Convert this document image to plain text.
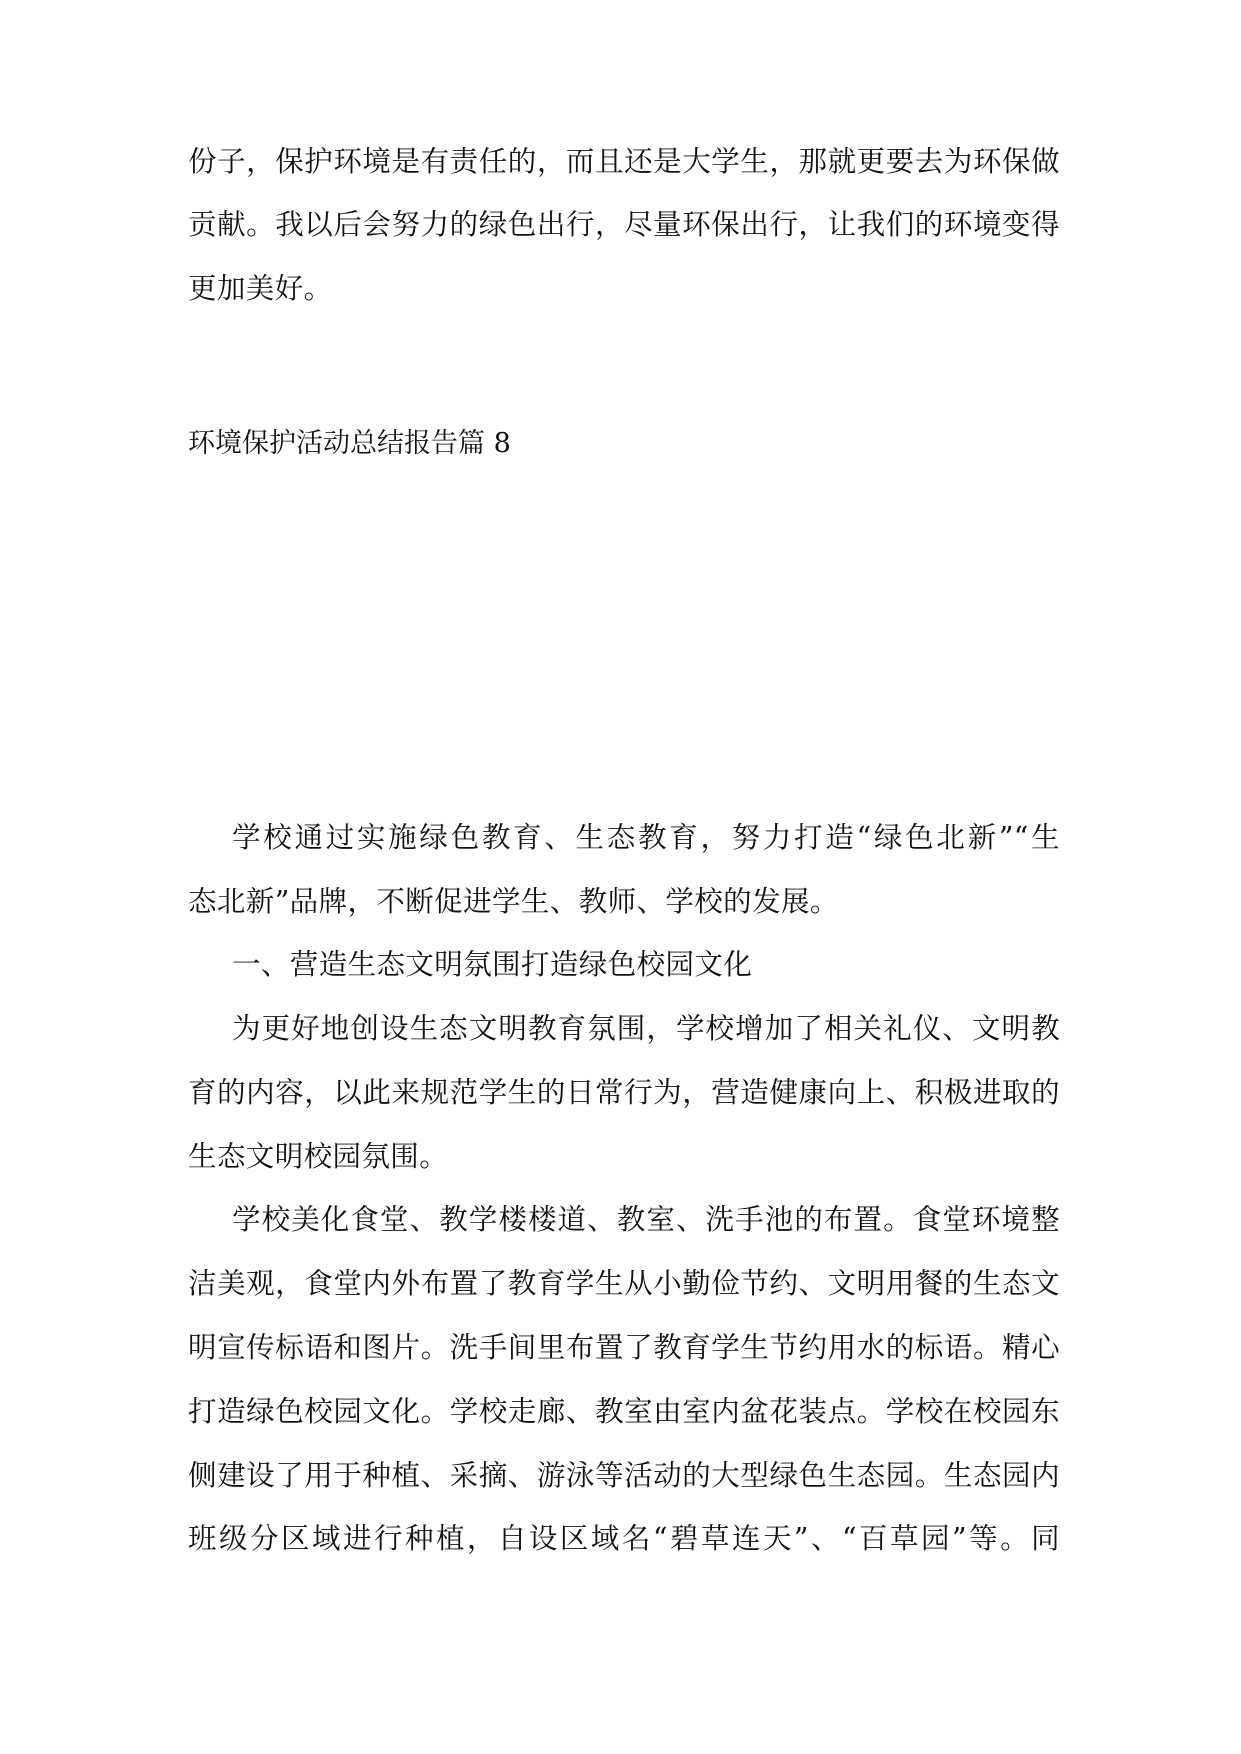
份子，保护环境是有责任的，而且还是大学生，那就更要去为环保做
贡献。我以后会努力的绿色出行，尽量环保出行，让我们的环境变得
更加美好。
环境保护活动总结报告篇 8
学校通过实施绿色教育、生态教育，努力打造“绿色北新”“生
态北新”品牌，不断促进学生、教师、学校的发展。
一、营造生态文明氛围打造绿色校园文化
为更好地创设生态文明教育氛围，学校增加了相关礼仪、文明教
育的内容，以此来规范学生的日常行为，营造健康向上、积极进取的
生态文明校园氛围。
学校美化食堂、教学楼楼道、教室、洗手池的布置。食堂环境整
洁美观，食堂内外布置了教育学生从小勤俭节约、文明用餐的生态文
明宣传标语和图片。洗手间里布置了教育学生节约用水的标语。精心
打造绿色校园文化。学校走廊、教室由室内盆花装点。学校在校园东
侧建设了用于种植、采摘、游泳等活动的大型绿色生态园。生态园内
班级分区域进行种植，自设区域名“碧草连天”、“百草园”等。同
